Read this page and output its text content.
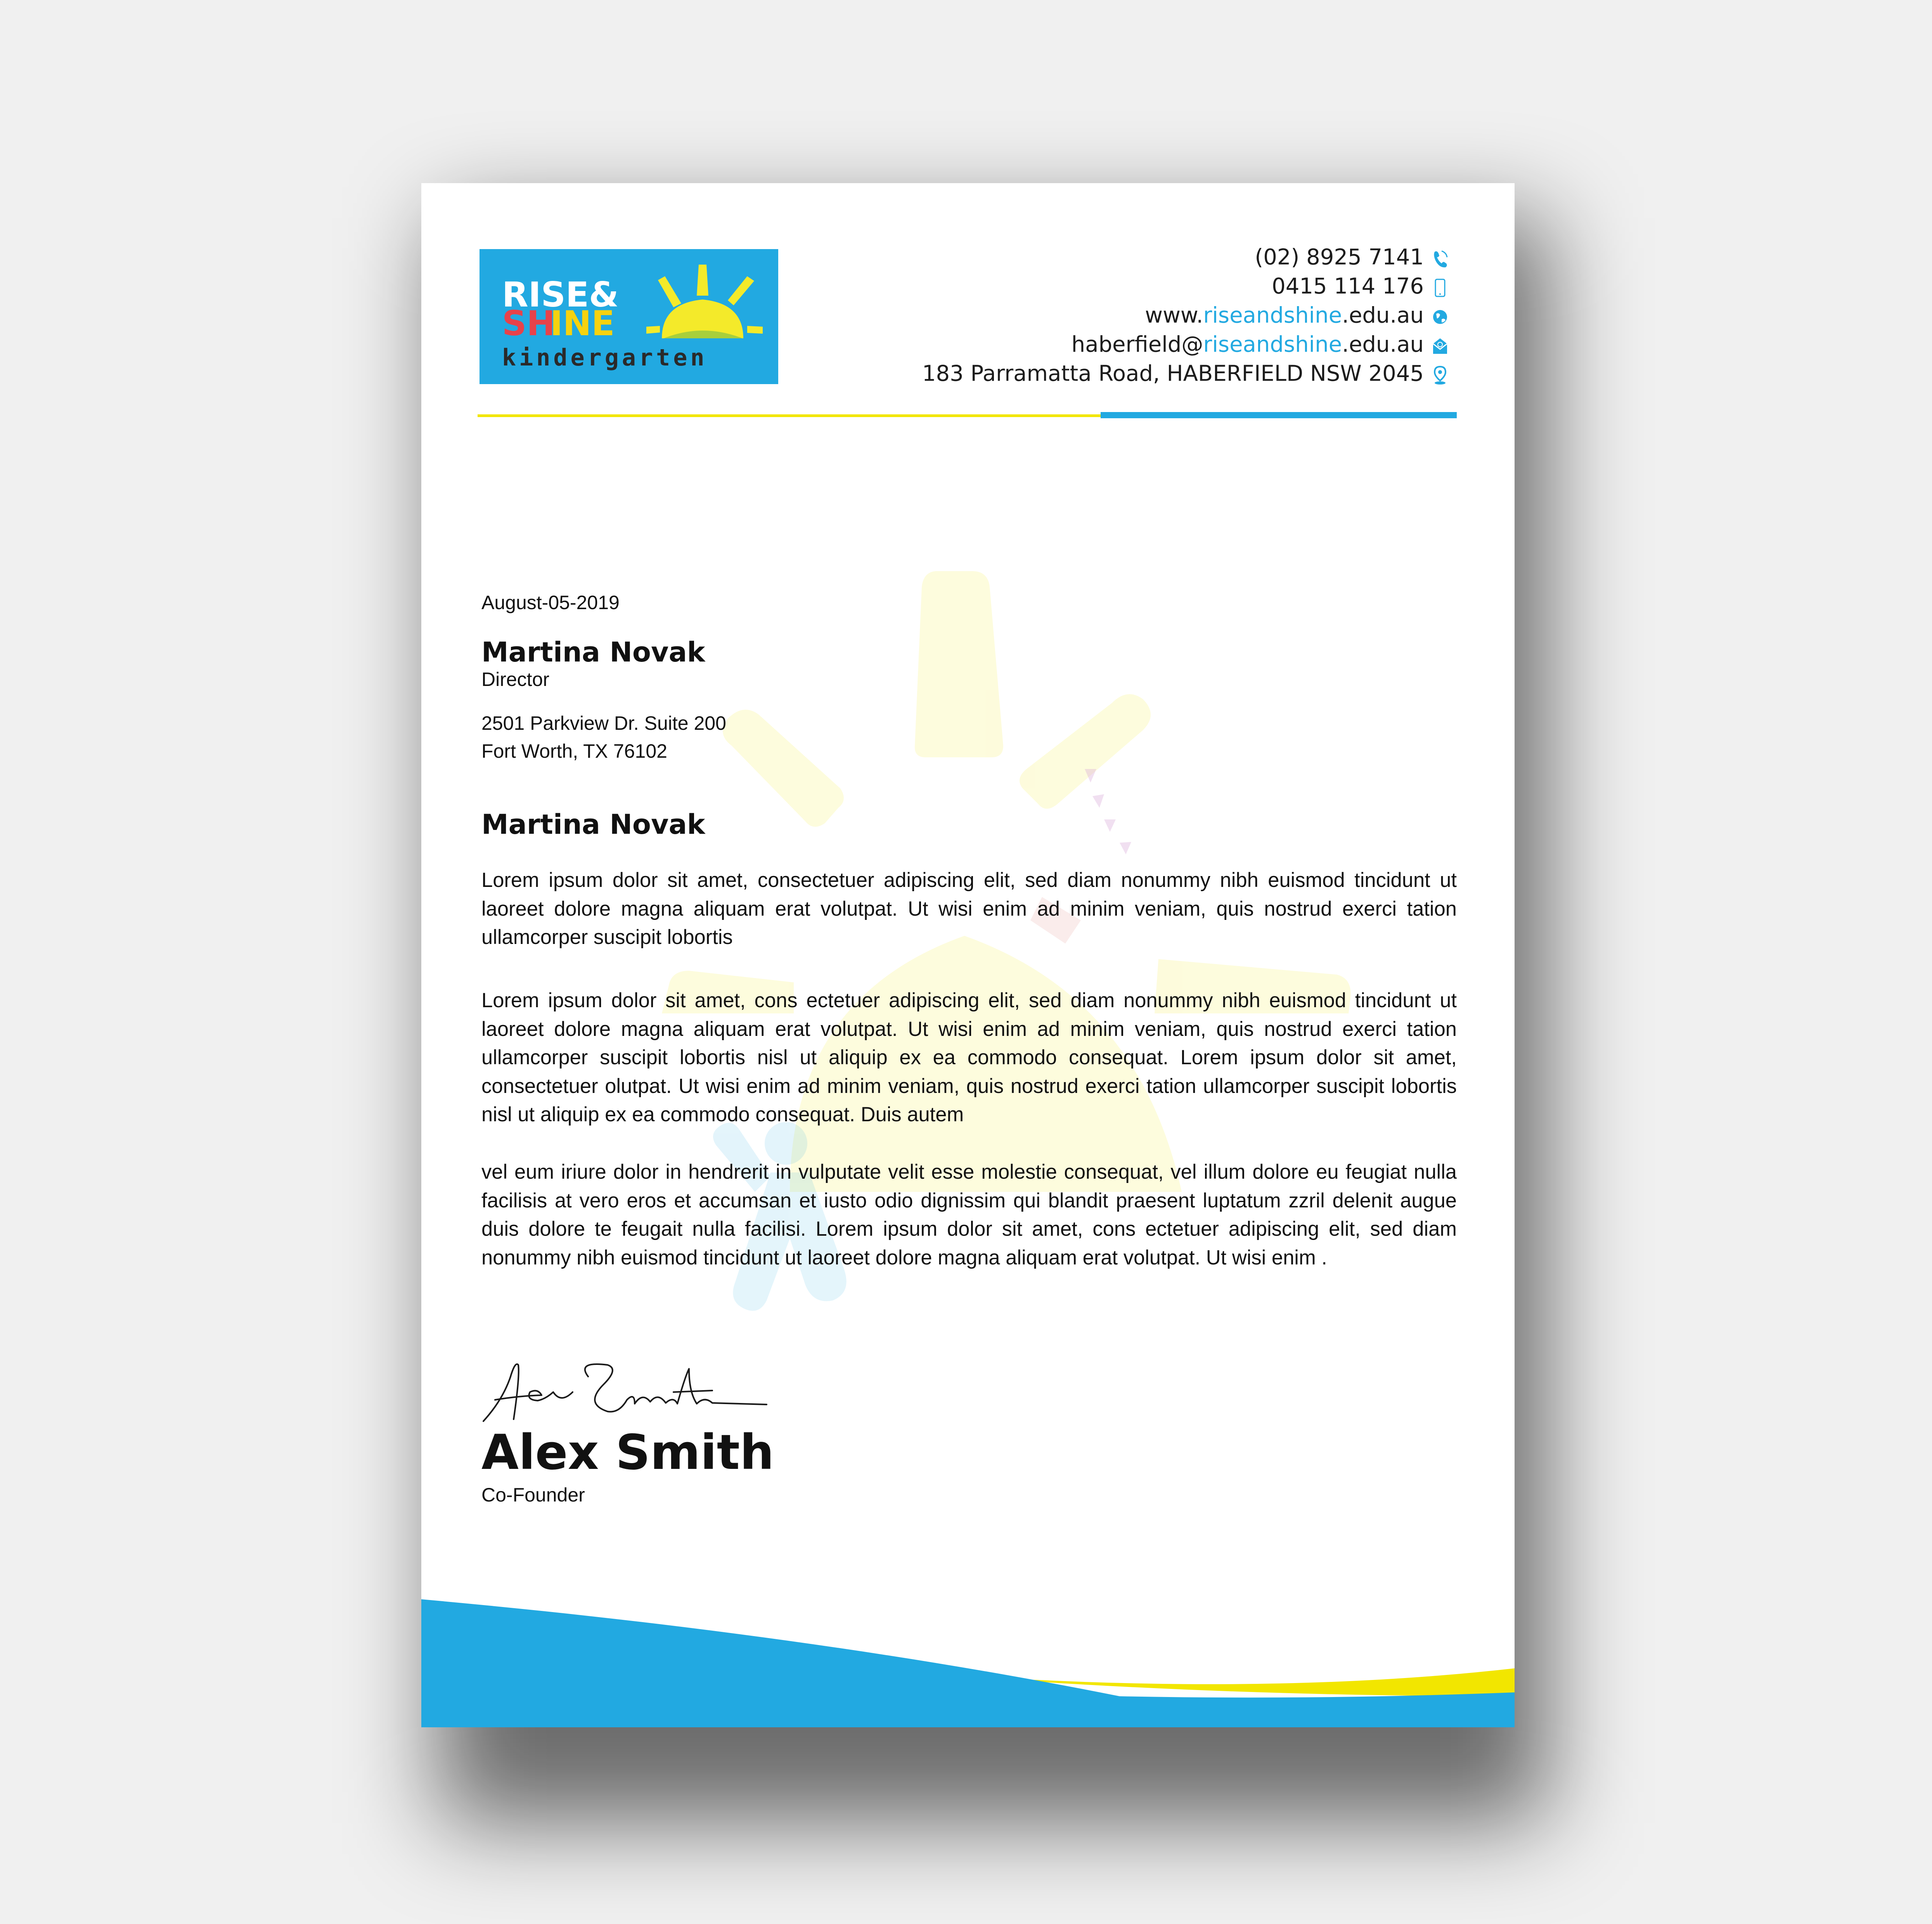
RISE&
SH
INE
kindergarten
(02) 8925 7141
0415 114 176
www.riseandshine.edu.au
haberfield@riseandshine.edu.au
183 Parramatta Road, HABERFIELD NSW 2045
August-05-2019
Martina Novak
Director
2501 Parkview Dr. Suite 200
Fort Worth, TX 76102
Martina Novak
Lorem ipsum dolor sit amet, consectetuer adipiscing elit, sed diam nonummy nibh euismod tincidunt ut laoreet dolore magna aliquam erat volutpat. Ut wisi enim ad minim veniam, quis nostrud exerci tation ullamcorper suscipit lobortis
Lorem ipsum dolor sit amet, cons ectetuer adipiscing elit, sed diam nonummy nibh euismod tincidunt ut laoreet dolore magna aliquam erat volutpat. Ut wisi enim ad minim veniam, quis nostrud exerci tation ullamcorper suscipit lobortis nisl ut aliquip ex ea commodo consequat. Lorem ipsum dolor sit amet, consectetuer olutpat. Ut wisi enim ad minim veniam, quis nostrud exerci tation ullamcorper suscipit lobortis nisl ut aliquip ex ea commodo consequat. Duis autem
vel eum iriure dolor in hendrerit in vulputate velit esse molestie consequat, vel illum dolore eu feugiat nulla facilisis at vero eros et accumsan et iusto odio dignissim qui blandit praesent luptatum zzril delenit augue duis dolore te feugait nulla facilisi. Lorem ipsum dolor sit amet, cons ectetuer adipiscing elit, sed diam nonummy nibh euismod tincidunt ut laoreet dolore magna aliquam erat volutpat. Ut wisi enim .
Alex Smith
Co-Founder
